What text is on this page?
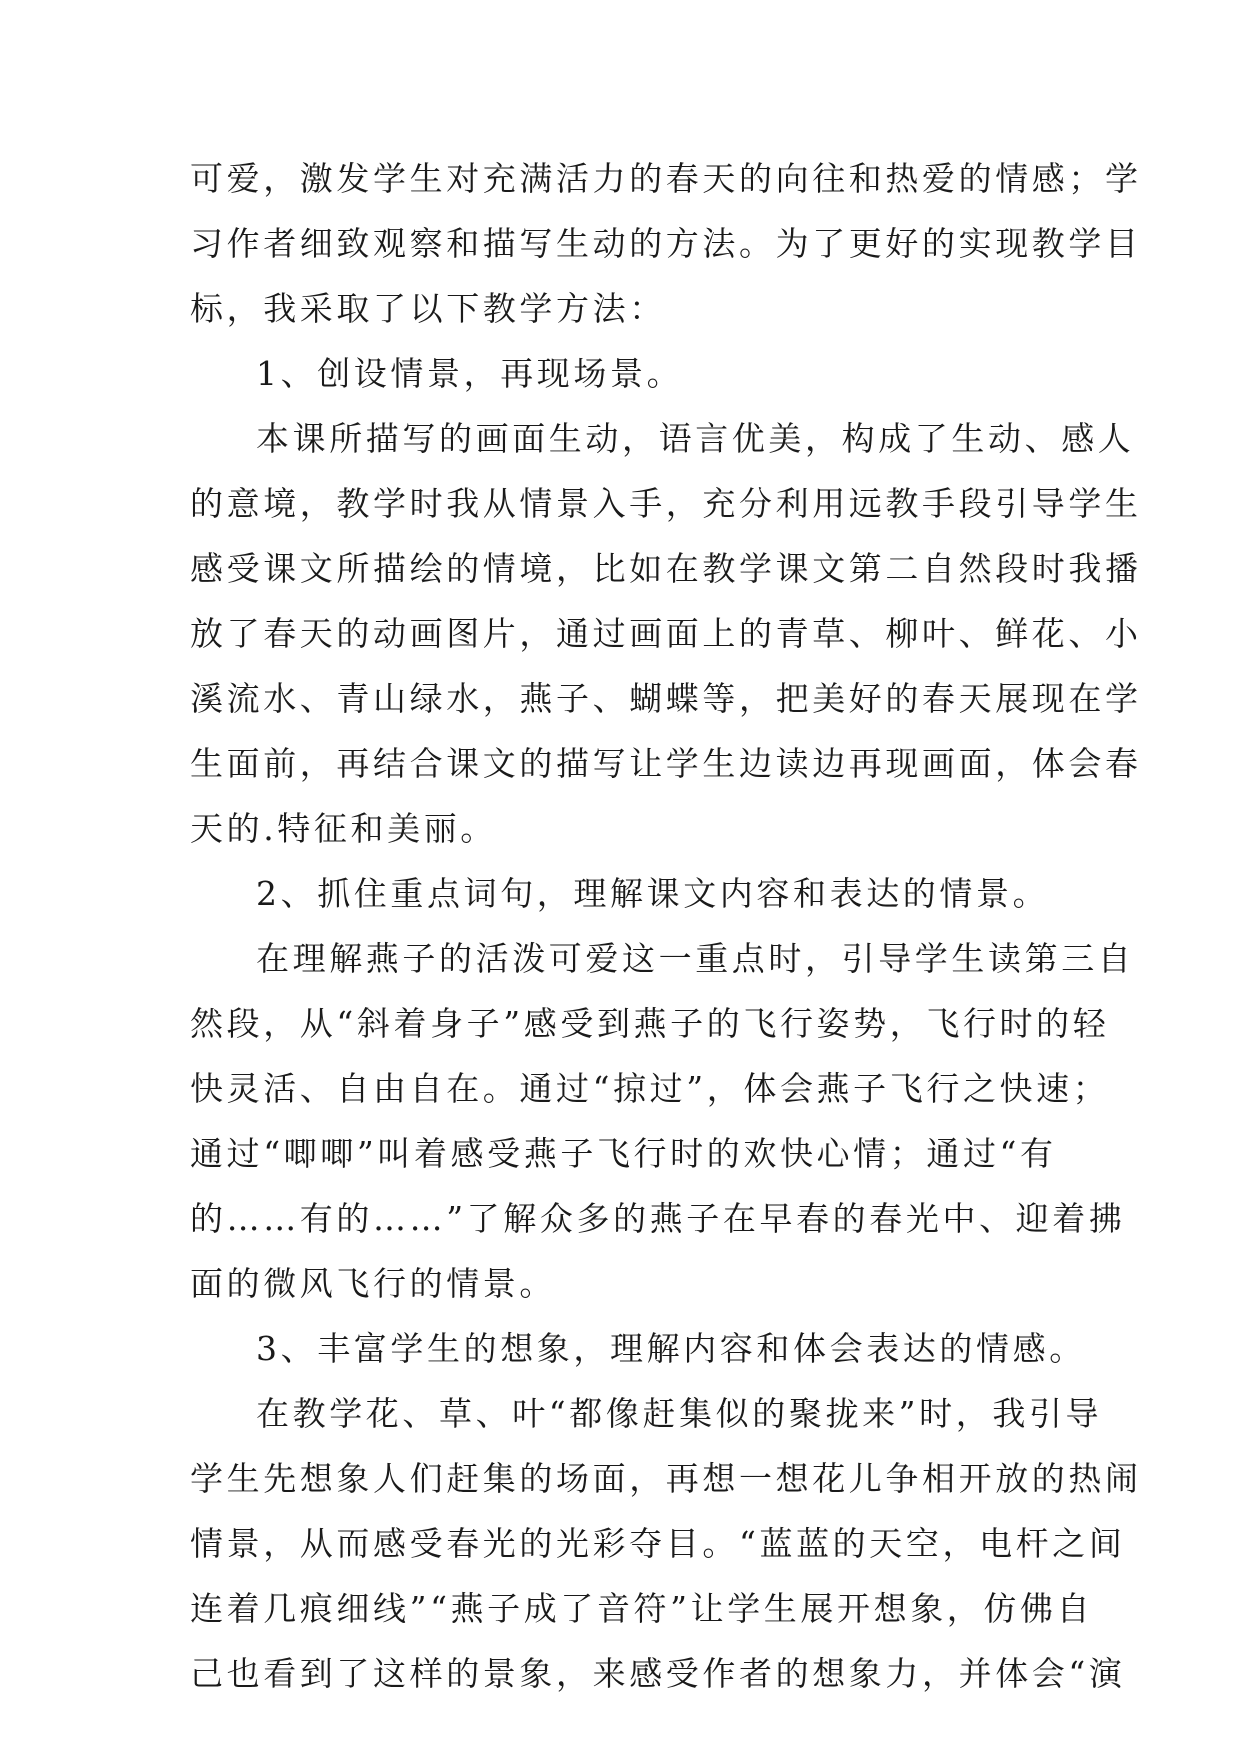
可爱，激发学生对充满活力的春天的向往和热爱的情感；学
习作者细致观察和描写生动的方法。为了更好的实现教学目
标，我采取了以下教学方法：
1、创设情景，再现场景。
本课所描写的画面生动，语言优美，构成了生动、感人
的意境，教学时我从情景入手，充分利用远教手段引导学生
感受课文所描绘的情境，比如在教学课文第二自然段时我播
放了春天的动画图片，通过画面上的青草、柳叶、鲜花、小
溪流水、青山绿水，燕子、蝴蝶等，把美好的春天展现在学
生面前，再结合课文的描写让学生边读边再现画面，体会春
天的.特征和美丽。
2、抓住重点词句，理解课文内容和表达的情景。
在理解燕子的活泼可爱这一重点时，引导学生读第三自
然段，从“斜着身子”感受到燕子的飞行姿势，飞行时的轻
快灵活、自由自在。通过“掠过”，体会燕子飞行之快速；
通过“唧唧”叫着感受燕子飞行时的欢快心情；通过“有
的……有的……”了解众多的燕子在早春的春光中、迎着拂
面的微风飞行的情景。
3、丰富学生的想象，理解内容和体会表达的情感。
在教学花、草、叶“都像赶集似的聚拢来”时，我引导
学生先想象人们赶集的场面，再想一想花儿争相开放的热闹
情景，从而感受春光的光彩夺目。“蓝蓝的天空，电杆之间
连着几痕细线”“燕子成了音符”让学生展开想象，仿佛自
己也看到了这样的景象，来感受作者的想象力，并体会“演
